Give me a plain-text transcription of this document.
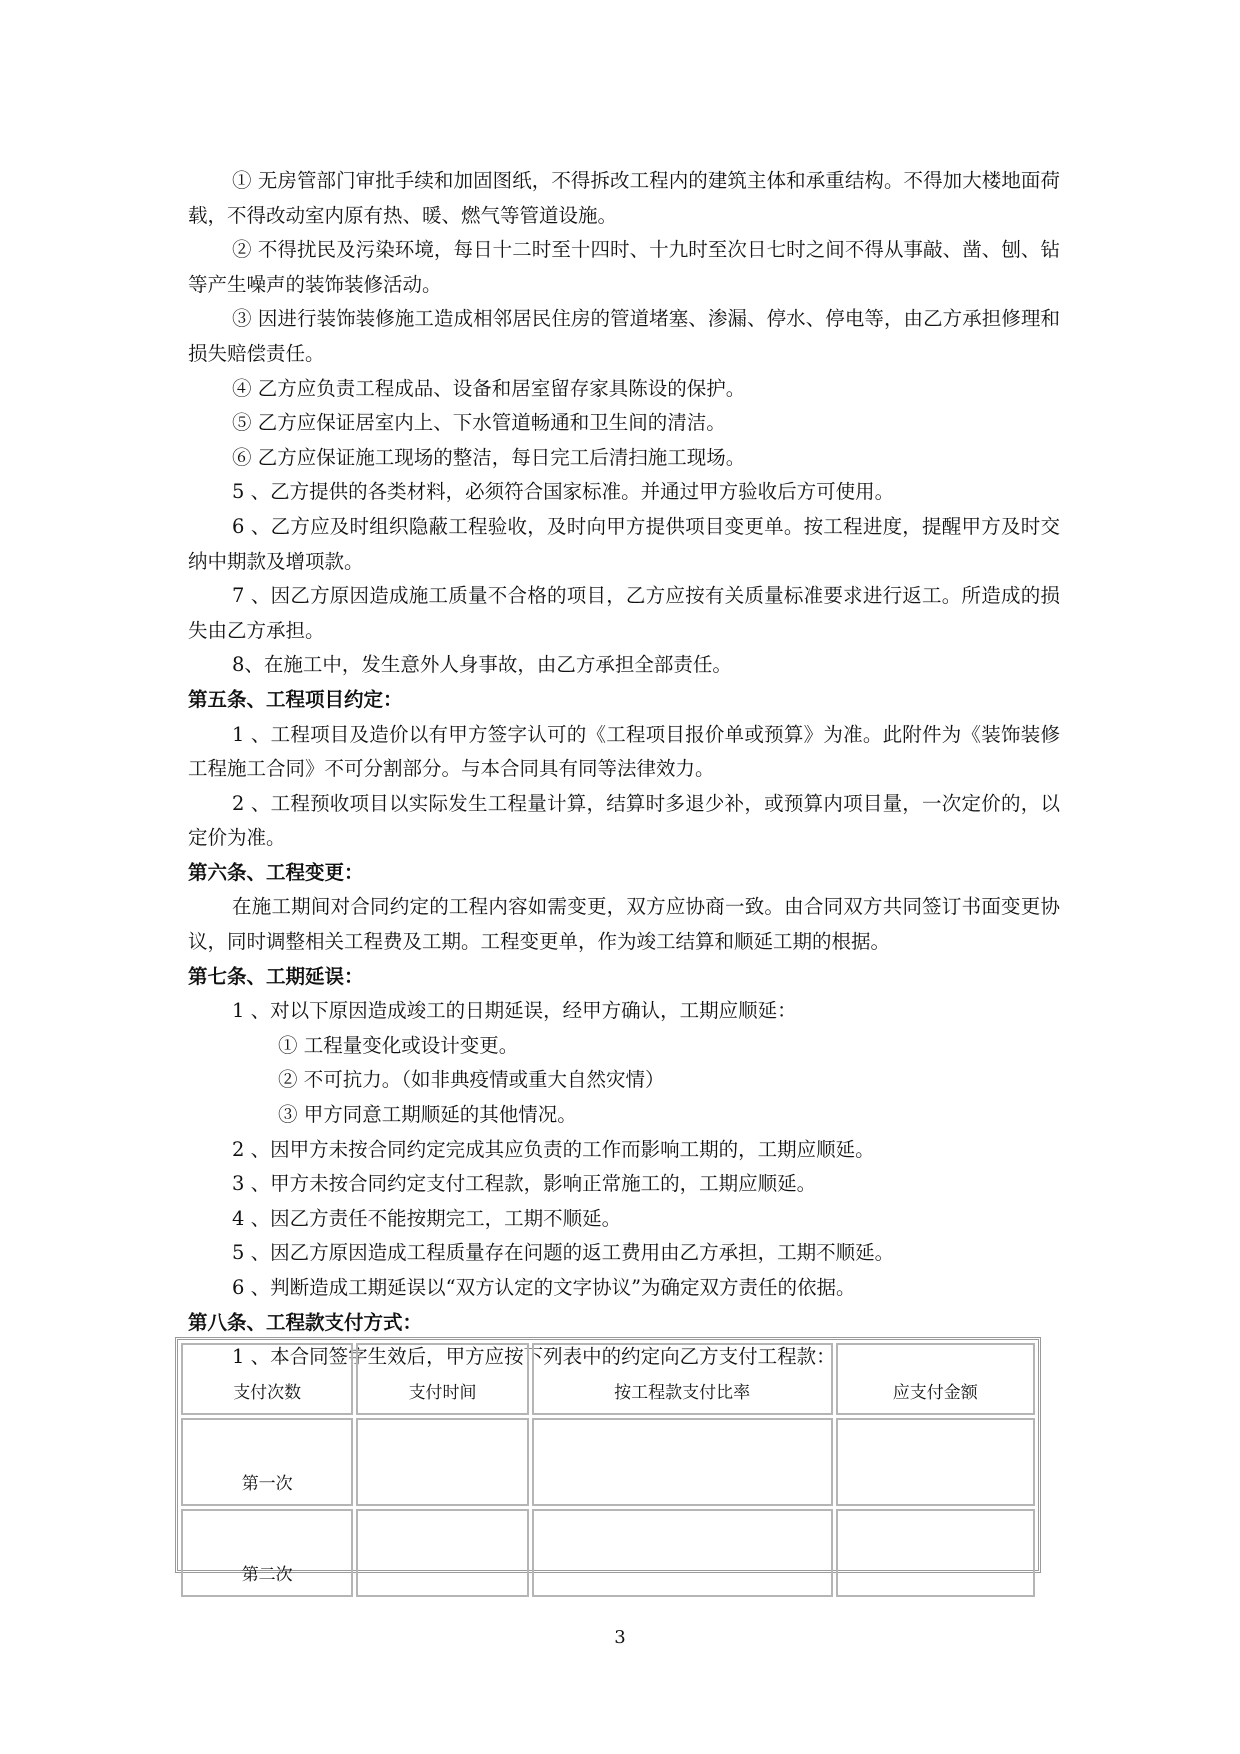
① 无房管部门审批手续和加固图纸，不得拆改工程内的建筑主体和承重结构。不得加大楼地面荷载，不得改动室内原有热、暖、燃气等管道设施。

② 不得扰民及污染环境，每日十二时至十四时、十九时至次日七时之间不得从事敲、凿、刨、钻等产生噪声的装饰装修活动。

③ 因进行装饰装修施工造成相邻居民住房的管道堵塞、渗漏、停水、停电等，由乙方承担修理和损失赔偿责任。

④ 乙方应负责工程成品、设备和居室留存家具陈设的保护。

⑤ 乙方应保证居室内上、下水管道畅通和卫生间的清洁。

⑥ 乙方应保证施工现场的整洁，每日完工后清扫施工现场。

5 、乙方提供的各类材料，必须符合国家标准。并通过甲方验收后方可使用。

6 、乙方应及时组织隐蔽工程验收，及时向甲方提供项目变更单。按工程进度，提醒甲方及时交纳中期款及增项款。

7 、因乙方原因造成施工质量不合格的项目，乙方应按有关质量标准要求进行返工。所造成的损失由乙方承担。

8、在施工中，发生意外人身事故，由乙方承担全部责任。

第五条、工程项目约定：

1 、工程项目及造价以有甲方签字认可的《工程项目报价单或预算》为准。此附件为《装饰装修工程施工合同》不可分割部分。与本合同具有同等法律效力。

2 、工程预收项目以实际发生工程量计算，结算时多退少补，或预算内项目量，一次定价的，以定价为准。

第六条、工程变更：

在施工期间对合同约定的工程内容如需变更，双方应协商一致。由合同双方共同签订书面变更协议，同时调整相关工程费及工期。工程变更单，作为竣工结算和顺延工期的根据。

第七条、工期延误：

1 、对以下原因造成竣工的日期延误，经甲方确认，工期应顺延：

① 工程量变化或设计变更。

② 不可抗力。（如非典疫情或重大自然灾情）

③ 甲方同意工期顺延的其他情况。

2 、因甲方未按合同约定完成其应负责的工作而影响工期的，工期应顺延。

3 、甲方未按合同约定支付工程款，影响正常施工的，工期应顺延。

4 、因乙方责任不能按期完工，工期不顺延。

5 、因乙方原因造成工程质量存在问题的返工费用由乙方承担，工期不顺延。

6 、判断造成工期延误以“双方认定的文字协议”为确定双方责任的依据。

第八条、工程款支付方式：

1 、本合同签字生效后，甲方应按下列表中的约定向乙方支付工程款：

支付次数	支付时间	按工程款支付比率	应支付金额
第一次			
第二次			
3
